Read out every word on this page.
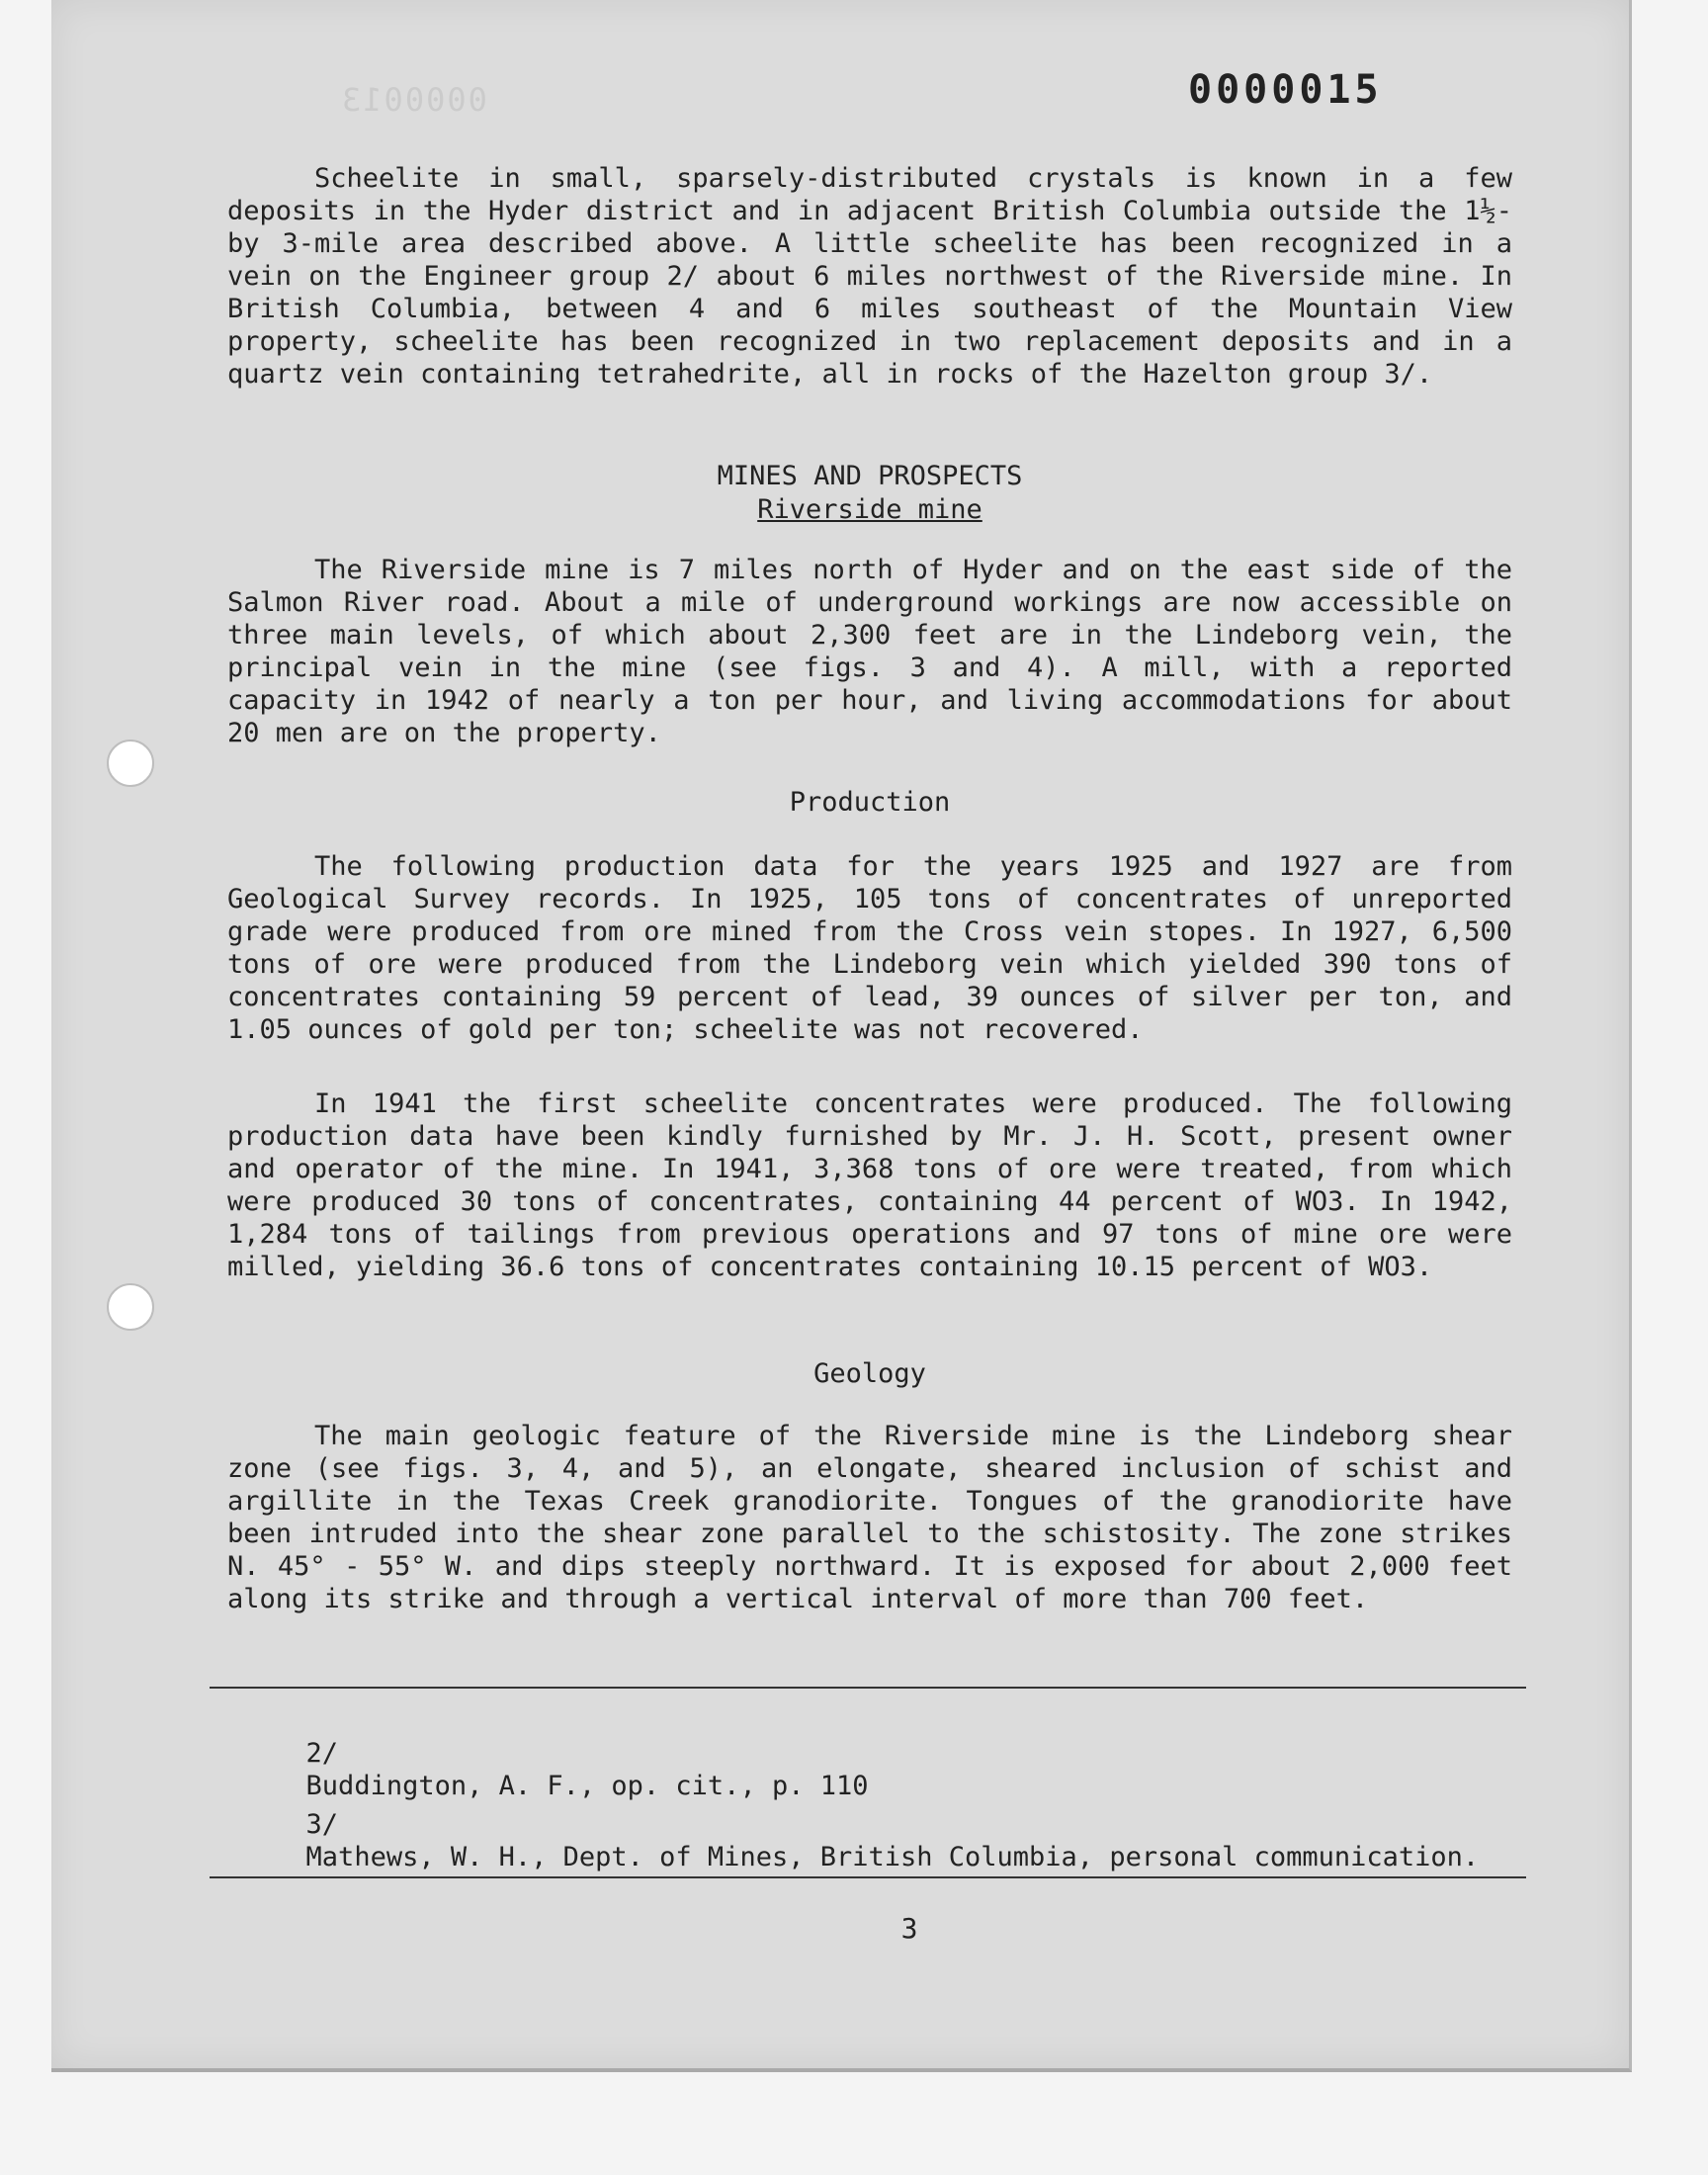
0000013	0000015

Scheelite in small, sparsely-distributed crystals is known in a few deposits in the Hyder district and in adjacent British Columbia outside the 1½-by 3-mile area described above. A little scheelite has been recognized in a vein on the Engineer group 2/ about 6 miles northwest of the Riverside mine. In British Columbia, between 4 and 6 miles southeast of the Mountain View property, scheelite has been recognized in two replacement deposits and in a quartz vein containing tetrahedrite, all in rocks of the Hazelton group 3/.

MINES AND PROSPECTS
Riverside mine

The Riverside mine is 7 miles north of Hyder and on the east side of the Salmon River road. About a mile of underground workings are now accessible on three main levels, of which about 2,300 feet are in the Lindeborg vein, the principal vein in the mine (see figs. 3 and 4). A mill, with a reported capacity in 1942 of nearly a ton per hour, and living accommodations for about 20 men are on the property.

Production

The following production data for the years 1925 and 1927 are from Geological Survey records. In 1925, 105 tons of concentrates of unreported grade were produced from ore mined from the Cross vein stopes. In 1927, 6,500 tons of ore were produced from the Lindeborg vein which yielded 390 tons of concentrates containing 59 percent of lead, 39 ounces of silver per ton, and 1.05 ounces of gold per ton; scheelite was not recovered.

In 1941 the first scheelite concentrates were produced. The following production data have been kindly furnished by Mr. J. H. Scott, present owner and operator of the mine. In 1941, 3,368 tons of ore were treated, from which were produced 30 tons of concentrates, containing 44 percent of WO3. In 1942, 1,284 tons of tailings from previous operations and 97 tons of mine ore were milled, yielding 36.6 tons of concentrates containing 10.15 percent of WO3.

Geology

The main geologic feature of the Riverside mine is the Lindeborg shear zone (see figs. 3, 4, and 5), an elongate, sheared inclusion of schist and argillite in the Texas Creek granodiorite. Tongues of the granodiorite have been intruded into the shear zone parallel to the schistosity. The zone strikes N. 45° - 55° W. and dips steeply northward. It is exposed for about 2,000 feet along its strike and through a vertical interval of more than 700 feet.

2/
Buddington, A. F., op. cit., p. 110

3/
Mathews, W. H., Dept. of Mines, British Columbia, personal communication.

3
